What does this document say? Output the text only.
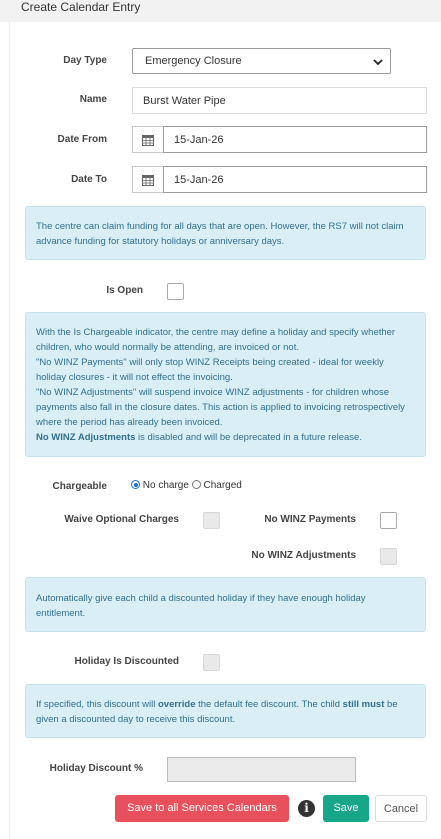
Create Calendar Entry
Day Type	Emergency Closure
Name	Burst Water Pipe
Date From	15-Jan-26
Date To	15-Jan-26

The centre can claim funding for all days that are open. However, the RS7 will not claim advance funding for statutory holidays or anniversary days.

Is Open

With the Is Chargeable indicator, the centre may define a holiday and specify whether children, who would normally be attending, are invoiced or not.

"No WINZ Payments" will only stop WINZ Receipts being created - ideal for weekly holiday closures - it will not effect the invoicing.

"No WINZ Adjustments" will suspend invoice WINZ adjustments - for children whose payments also fall in the closure dates. This action is applied to invoicing retrospectively where the period has already been invoiced.

No WINZ Adjustments is disabled and will be deprecated in a future release.

Chargeable	No charge Charged
Waive Optional Charges	No WINZ Payments
No WINZ Adjustments

Automatically give each child a discounted holiday if they have enough holiday entitlement.

Holiday Is Discounted

If specified, this discount will override the default fee discount. The child still must be given a discounted day to receive this discount.

Holiday Discount %
Save to all Services Calendars	i	Save	Cancel
